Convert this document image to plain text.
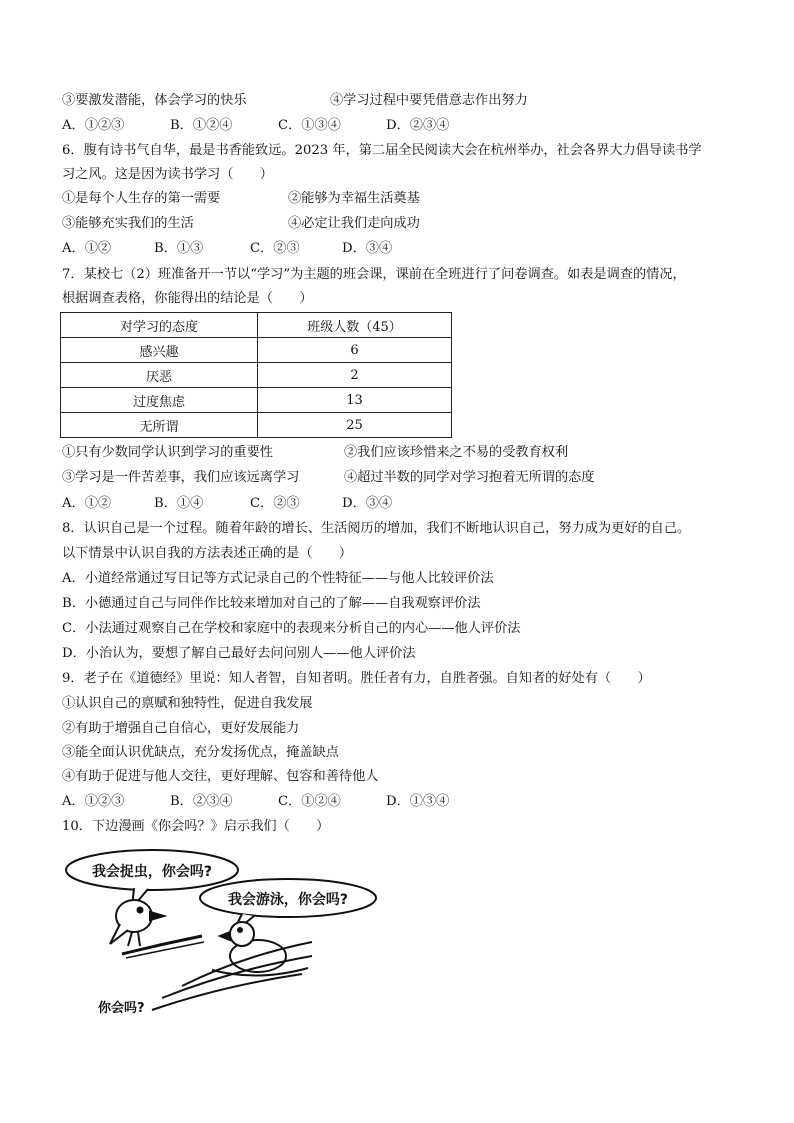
③要激发潜能，体会学习的快乐	④学习过程中要凭借意志作出努力
A．①②③	B．①②④	C．①③④	D．②③④
6．腹有诗书气自华，最是书香能致远。2023 年，第二届全民阅读大会在杭州举办，社会各界大力倡导读书学
习之风。这是因为读书学习（　　）
①是每个人生存的第一需要	②能够为幸福生活奠基
③能够充实我们的生活	④必定让我们走向成功
A．①②	B．①③	C．②③	D．③④
7．某校七（2）班准备开一节以“学习”为主题的班会课，课前在全班进行了问卷调查。如表是调查的情况，
根据调查表格，你能得出的结论是（　　）
对学习的态度	班级人数（45）
感兴趣	6
厌恶	2
过度焦虑	13
无所谓	25
①只有少数同学认识到学习的重要性	②我们应该珍惜来之不易的受教育权利
③学习是一件苦差事，我们应该远离学习	④超过半数的同学对学习抱着无所谓的态度
A．①②	B．①④	C．②③	D．③④
8．认识自己是一个过程。随着年龄的增长、生活阅历的增加，我们不断地认识自己，努力成为更好的自己。
以下情景中认识自我的方法表述正确的是（　　）
A．小道经常通过写日记等方式记录自己的个性特征——与他人比较评价法
B．小德通过自己与同伴作比较来增加对自己的了解——自我观察评价法
C．小法通过观察自己在学校和家庭中的表现来分析自己的内心——他人评价法
D．小治认为，要想了解自己最好去问问别人——他人评价法
9．老子在《道德经》里说：知人者智，自知者明。胜任者有力，自胜者强。自知者的好处有（　　）
①认识自己的禀赋和独特性，促进自我发展
②有助于增强自己自信心，更好发展能力
③能全面认识优缺点，充分发扬优点，掩盖缺点
④有助于促进与他人交往，更好理解、包容和善待他人
A．①②③	B．②③④	C．①②④	D．①③④
10．下边漫画《你会吗？》启示我们（　　）
我会捉虫，你会吗?
我会游泳，你会吗?
你会吗?
